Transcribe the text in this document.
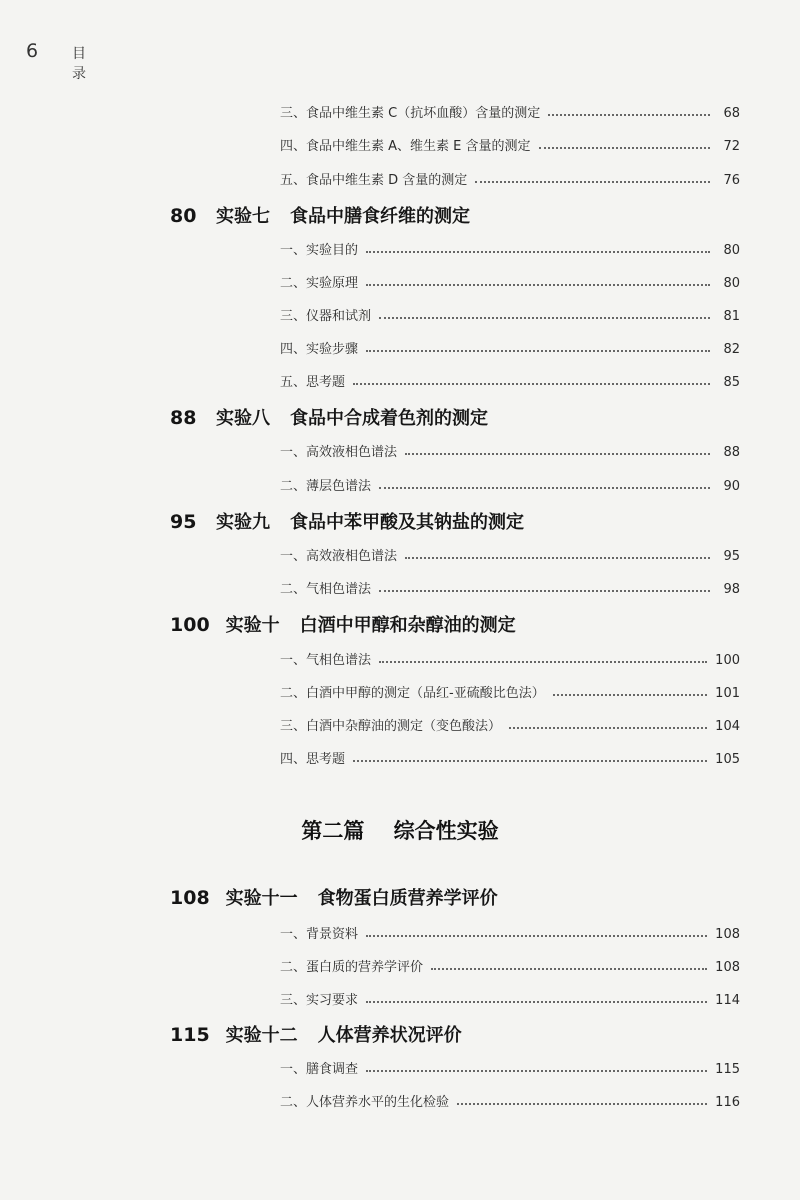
6 目录
三、 食品中维生素 C（抗坏血酸）含量的测定	68
四、 食品中维生素 A、维生素 E 含量的测定	72
五、 食品中维生素 D 含量的测定	76
80 实验七 食品中膳食纤维的测定
一、 实验目的	80
二、 实验原理	80
三、 仪器和试剂	81
四、 实验步骤	82
五、 思考题	85
88 实验八 食品中合成着色剂的测定
一、 高效液相色谱法	88
二、 薄层色谱法	90
95 实验九 食品中苯甲酸及其钠盐的测定
一、 高效液相色谱法	95
二、 气相色谱法	98
100 实验十 白酒中甲醇和杂醇油的测定
一、 气相色谱法	100
二、 白酒中甲醇的测定（品红-亚硫酸比色法）	101
三、 白酒中杂醇油的测定（变色酸法）	104
四、 思考题	105
第二篇 综合性实验
108 实验十一 食物蛋白质营养学评价
一、 背景资料	108
二、 蛋白质的营养学评价	108
三、 实习要求	114
115 实验十二 人体营养状况评价
一、 膳食调查	115
二、 人体营养水平的生化检验	116
